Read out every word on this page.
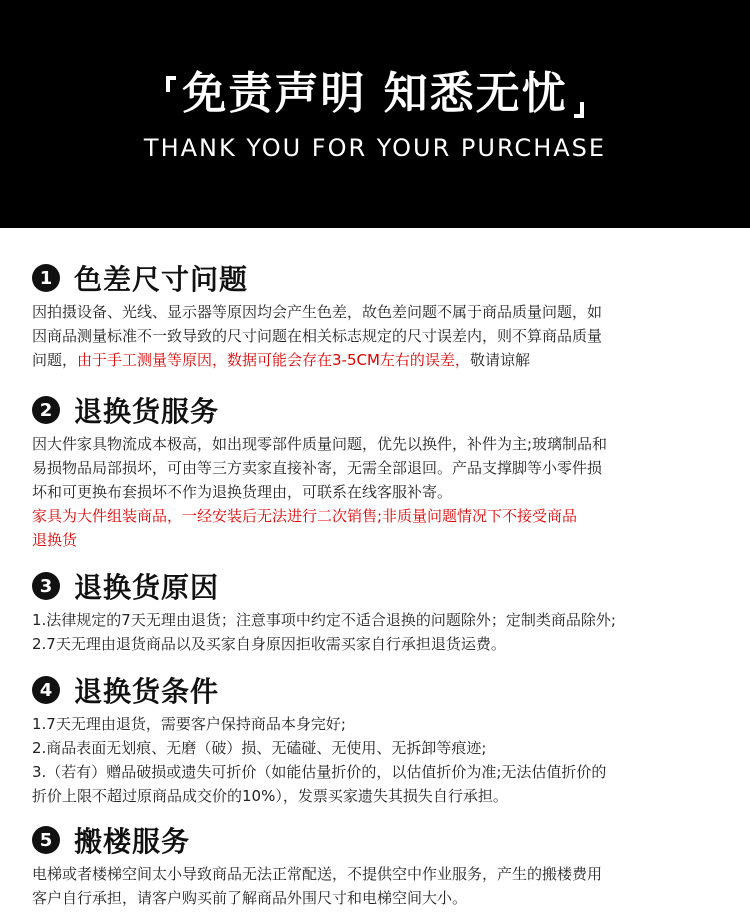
免责声明 知悉无忧
THANK YOU FOR YOUR PURCHASE
1 色差尺寸问题
因拍摄设备、光线、显示器等原因均会产生色差，故色差问题不属于商品质量问题，如
因商品测量标准不一致导致的尺寸问题在相关标志规定的尺寸误差内，则不算商品质量
问题，由于手工测量等原因，数据可能会存在3-5CM左右的误差，敬请谅解
2 退换货服务
因大件家具物流成本极高，如出现零部件质量问题，优先以换件，补件为主;玻璃制品和
易损物品局部损坏，可由等三方卖家直接补寄，无需全部退回。产品支撑脚等小零件损
坏和可更换布套损坏不作为退换货理由，可联系在线客服补寄。
家具为大件组装商品，一经安装后无法进行二次销售;非质量问题情况下不接受商品
退换货
3 退换货原因
1.法律规定的7天无理由退货；注意事项中约定不适合退换的问题除外；定制类商品除外;
2.7天无理由退货商品以及买家自身原因拒收需买家自行承担退货运费。
4 退换货条件
1.7天无理由退货，需要客户保持商品本身完好;
2.商品表面无划痕、无磨（破）损、无磕碰、无使用、无拆卸等痕迹;
3.（若有）赠品破损或遗失可折价（如能估量折价的，以估值折价为准;无法估值折价的
折价上限不超过原商品成交价的10%），发票买家遗失其损失自行承担。
5 搬楼服务
电梯或者楼梯空间太小导致商品无法正常配送，不提供空中作业服务，产生的搬楼费用
客户自行承担，请客户购买前了解商品外围尺寸和电梯空间大小。
